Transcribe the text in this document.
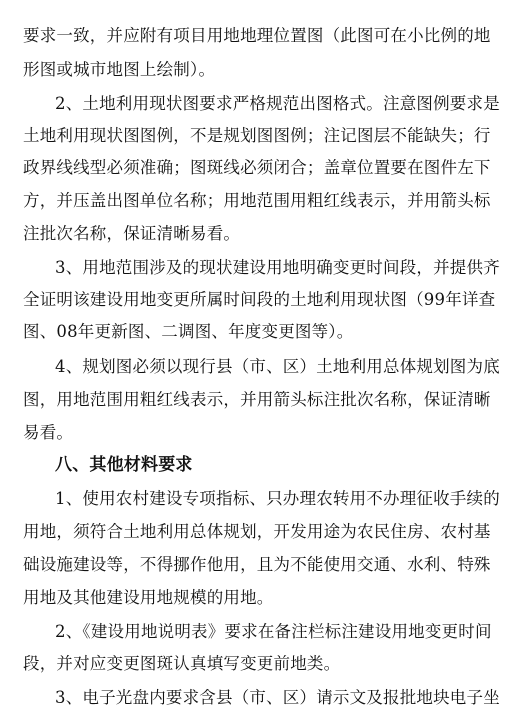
要求一致，并应附有项目用地地理位置图（此图可在小比例的地
形图或城市地图上绘制）。
2、土地利用现状图要求严格规范出图格式。注意图例要求是
土地利用现状图图例，不是规划图图例；注记图层不能缺失；行
政界线线型必须准确；图斑线必须闭合；盖章位置要在图件左下
方，并压盖出图单位名称；用地范围用粗红线表示，并用箭头标
注批次名称，保证清晰易看。
3、用地范围涉及的现状建设用地明确变更时间段，并提供齐
全证明该建设用地变更所属时间段的土地利用现状图（99年详查
图、08年更新图、二调图、年度变更图等）。
4、规划图必须以现行县（市、区）土地利用总体规划图为底
图，用地范围用粗红线表示，并用箭头标注批次名称，保证清晰
易看。
八、其他材料要求
1、使用农村建设专项指标、只办理农转用不办理征收手续的
用地，须符合土地利用总体规划，开发用途为农民住房、农村基
础设施建设等，不得挪作他用，且为不能使用交通、水利、特殊
用地及其他建设用地规模的用地。
2、《建设用地说明表》要求在备注栏标注建设用地变更时间
段，并对应变更图斑认真填写变更前地类。
3、电子光盘内要求含县（市、区）请示文及报批地块电子坐
